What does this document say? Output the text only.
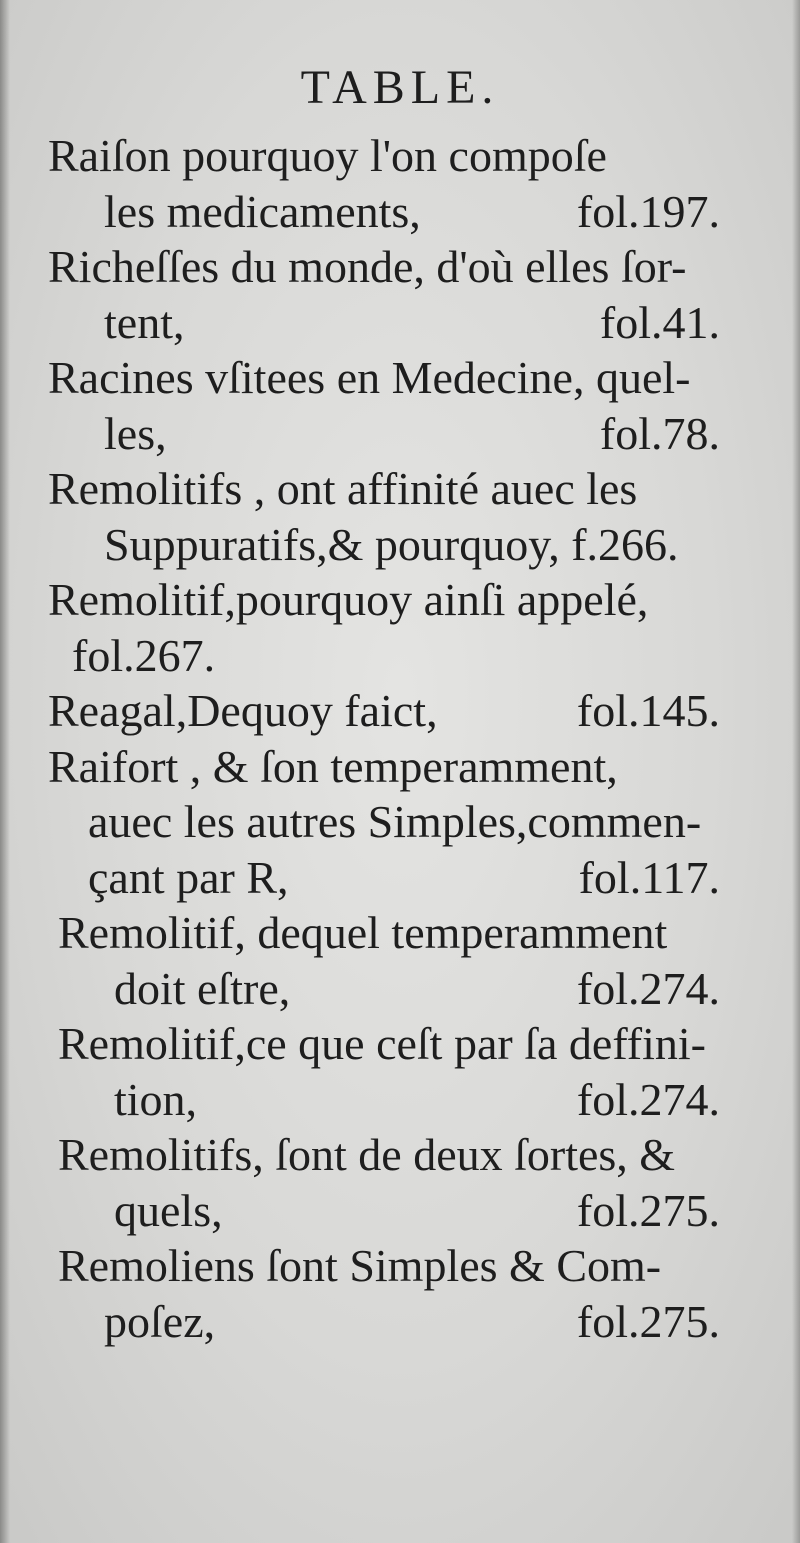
TABLE.
Raiſon pourquoy l'on compoſe
les medicaments,	fol.197.
Richeſſes du monde, d'où elles ſor-
tent,	fol.41.
Racines vſitees en Medecine, quel-
les,	fol.78.
Remolitifs , ont affinité auec les
Suppuratifs,& pourquoy, f.266.
Remolitif,pourquoy ainſi appelé,
fol.267.
Reagal,Dequoy faict,	fol.145.
Raifort , & ſon temperamment,
auec les autres Simples,commen-
çant par R,	fol.117.
Remolitif, dequel temperamment
doit eſtre,	fol.274.
Remolitif,ce que ceſt par ſa deffini-
tion,	fol.274.
Remolitifs, ſont de deux ſortes, &
quels,	fol.275.
Remoliens ſont Simples & Com-
poſez,	fol.275.
